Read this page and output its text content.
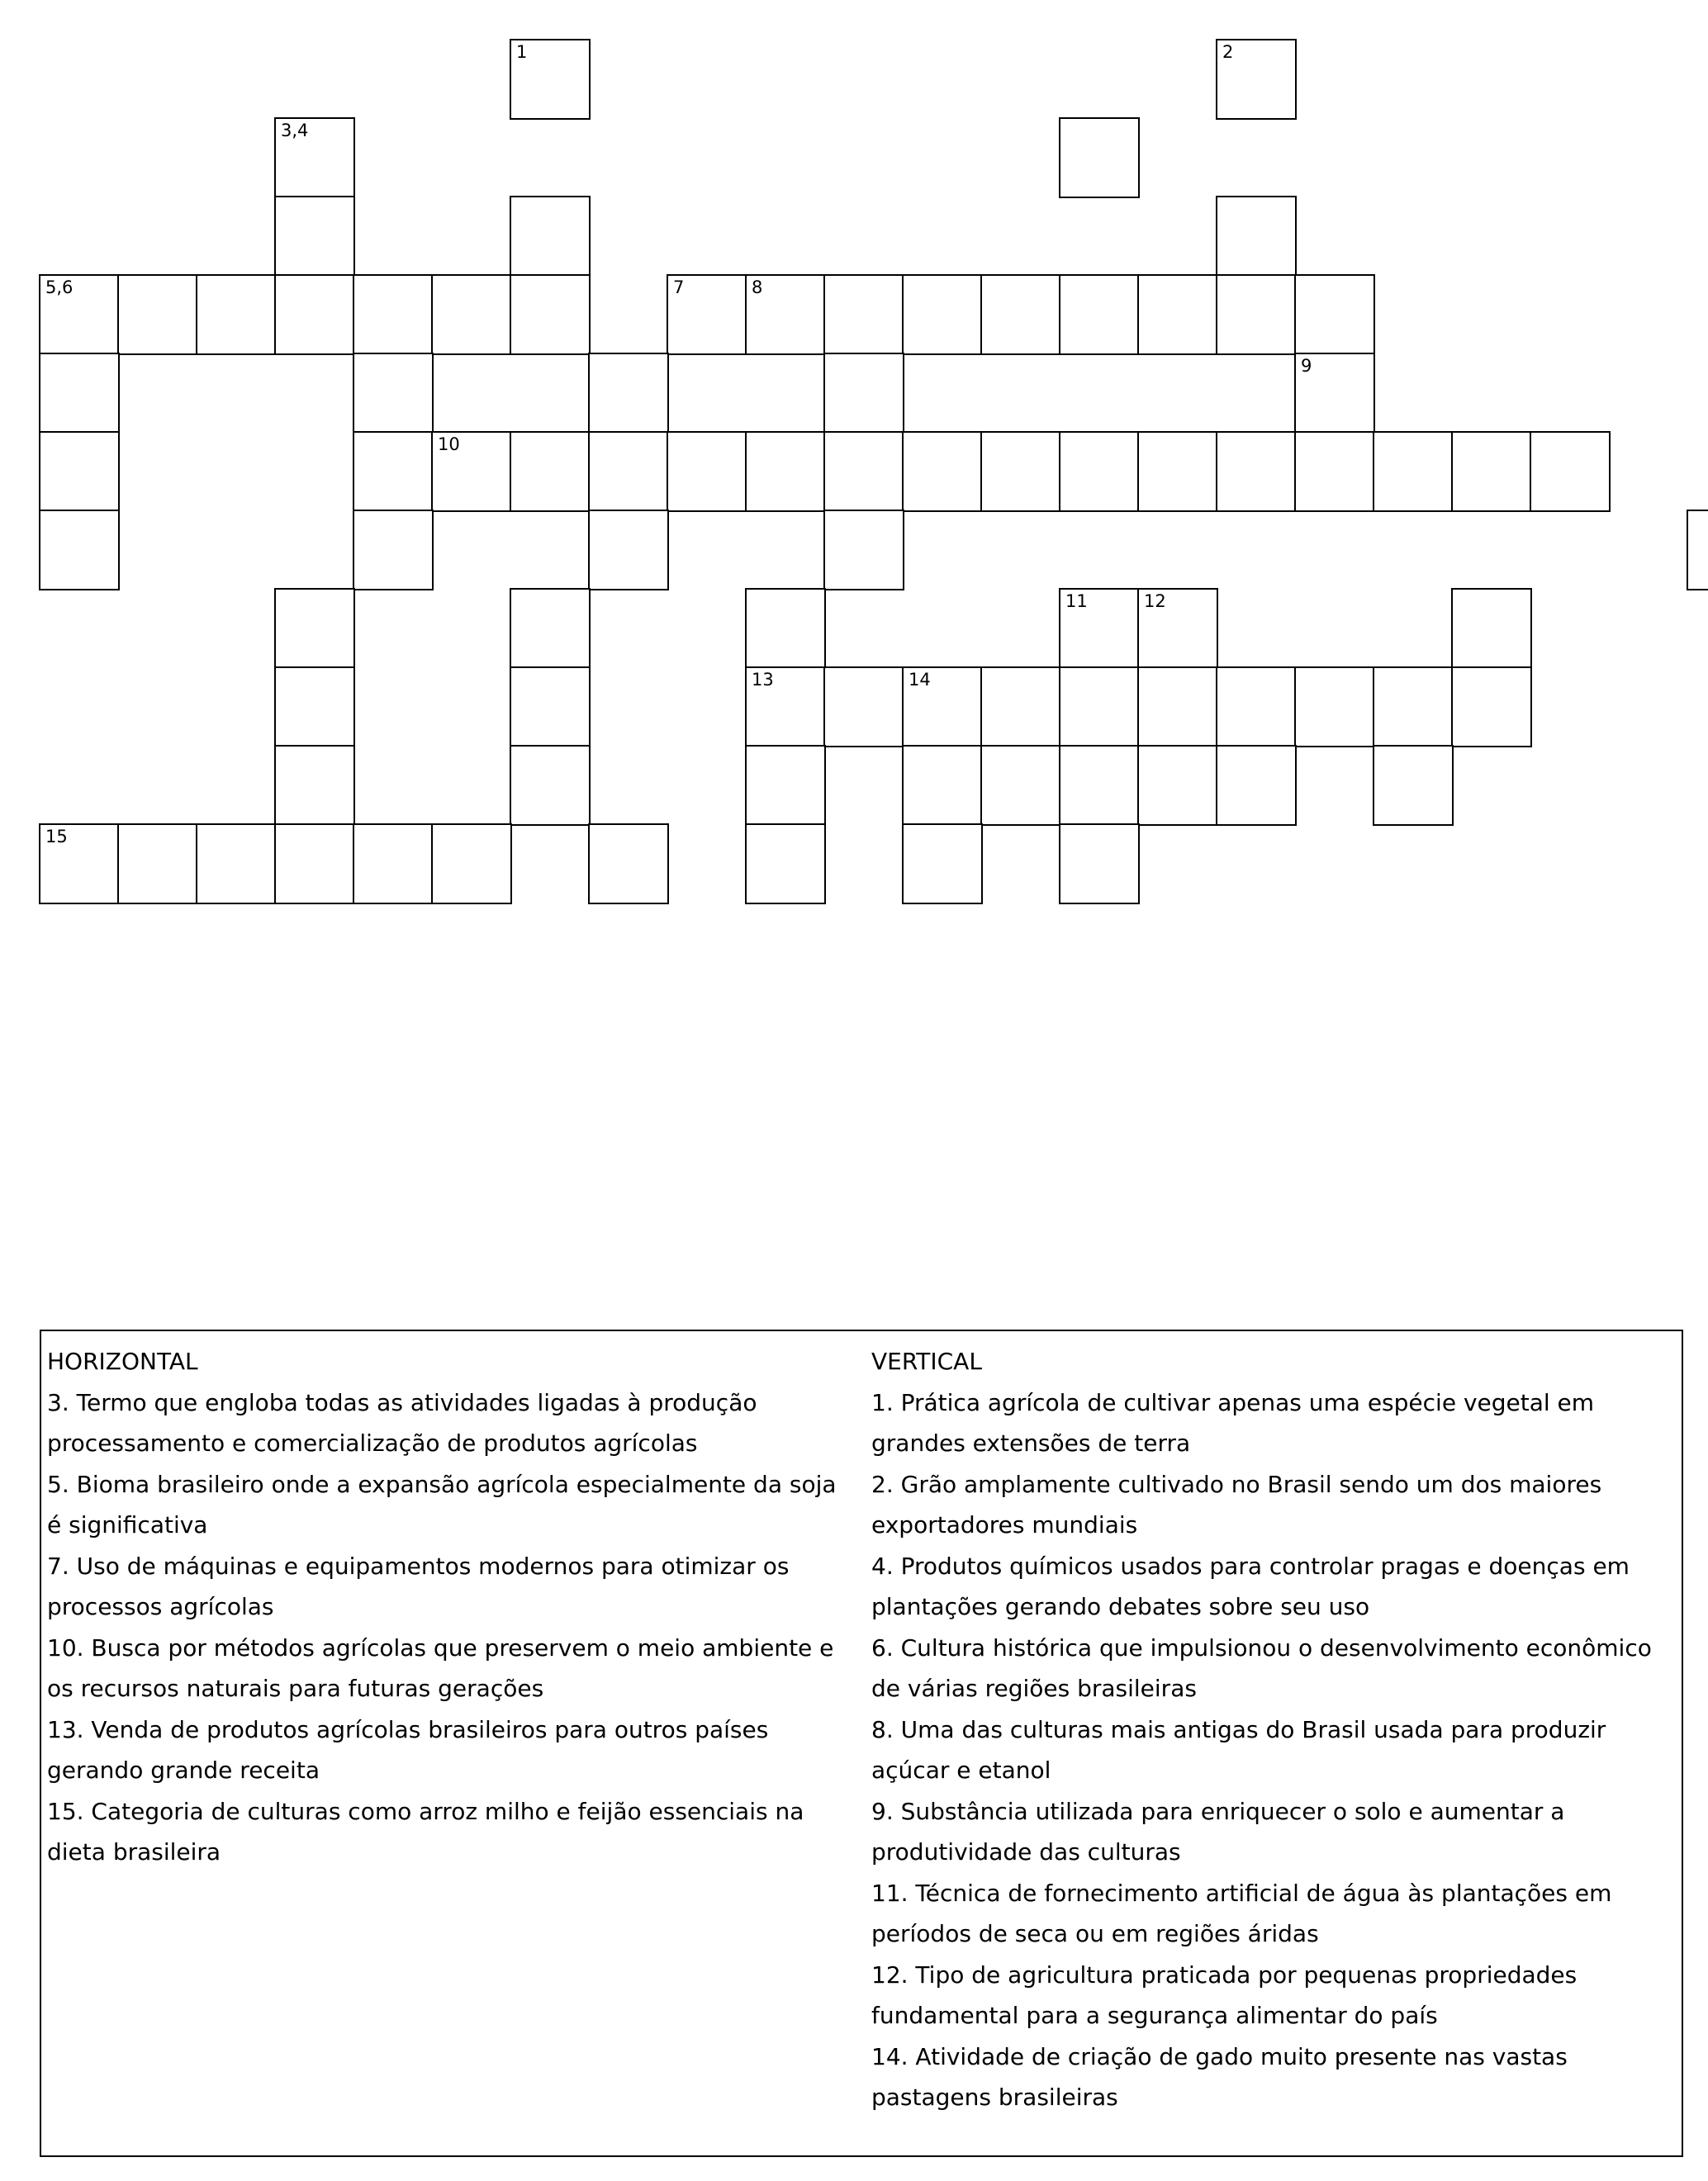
1	2
3,4
5,6	7	8
9
10
11	12
13	14
15

HORIZONTAL

3. Termo que engloba todas as atividades ligadas à produção processamento e comercialização de produtos agrícolas

5. Bioma brasileiro onde a expansão agrícola especialmente da soja é significativa

7. Uso de máquinas e equipamentos modernos para otimizar os processos agrícolas

10. Busca por métodos agrícolas que preservem o meio ambiente e os recursos naturais para futuras gerações

13. Venda de produtos agrícolas brasileiros para outros países gerando grande receita

15. Categoria de culturas como arroz milho e feijão essenciais na dieta brasileira

VERTICAL

1. Prática agrícola de cultivar apenas uma espécie vegetal em grandes extensões de terra

2. Grão amplamente cultivado no Brasil sendo um dos maiores exportadores mundiais

4. Produtos químicos usados para controlar pragas e doenças em plantações gerando debates sobre seu uso

6. Cultura histórica que impulsionou o desenvolvimento econômico de várias regiões brasileiras

8. Uma das culturas mais antigas do Brasil usada para produzir açúcar e etanol

9. Substância utilizada para enriquecer o solo e aumentar a produtividade das culturas

11. Técnica de fornecimento artificial de água às plantações em períodos de seca ou em regiões áridas

12. Tipo de agricultura praticada por pequenas propriedades fundamental para a segurança alimentar do país

14. Atividade de criação de gado muito presente nas vastas pastagens brasileiras
